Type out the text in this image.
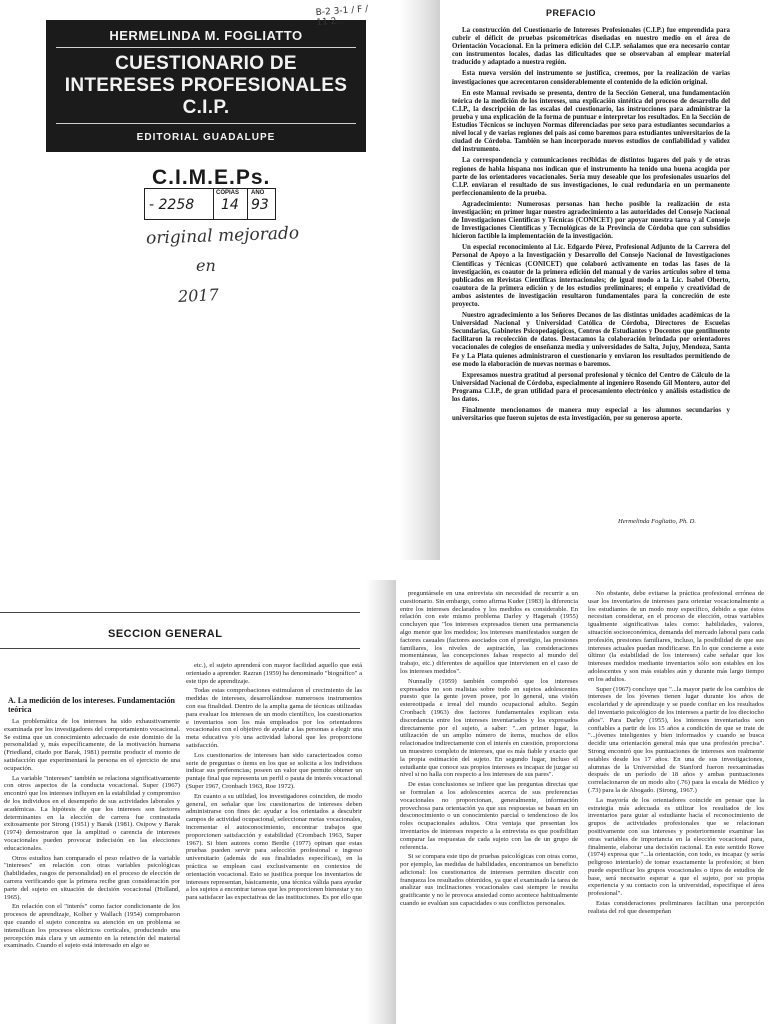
HERMELINDA M. FOGLIATTO
CUESTIONARIO DE
INTERESES PROFESIONALES
C.I.P.
EDITORIAL GUADALUPE
B-2 3-1 / F / 11 2...
C.I.M.E.Ps.
- 2258
COPIAS
14
AÑO
93
original mejorado
en
2017
PREFACIO

La construcción del Cuestionario de Intereses Profesionales (C.I.P.) fue emprendida para cubrir el déficit de pruebas psicométricas diseñadas en nuestro medio en el área de Orientación Vocacional. En la primera edición del C.I.P. señalamos que era necesario contar con instrumentos locales, dadas las dificultades que se observaban al emplear material traducido y adaptado a nuestra región.

Esta nueva versión del instrumento se justifica, creemos, por la realización de varias investigaciones que acrecentaron considerablemente el contenido de la edición original.

En este Manual revisado se presenta, dentro de la Sección General, una fundamentación teórica de la medición de los intereses, una explicación sintética del proceso de desarrollo del C.I.P., la descripción de las escalas del cuestionario, las instrucciones para administrar la prueba y una explicación de la forma de puntuar e interpretar los resultados. En la Sección de Estudios Técnicos se incluyen Normas diferenciadas por sexo para estudiantes secundarios a nivel local y de varias regiones del país así como baremos para estudiantes universitarios de la ciudad de Córdoba. También se han incorporado nuevos estudios de confiabilidad y validez del instrumento.

La correspondencia y comunicaciones recibidas de distintos lugares del país y de otras regiones de habla hispana nos indican que el instrumento ha tenido una buena acogida por parte de los orientadores vocacionales. Sería muy deseable que los profesionales usuarios del C.I.P. enviaran el resultado de sus investigaciones, lo cual redundaría en un permanente perfeccionamiento de la prueba.

Agradecimiento: Numerosas personas han hecho posible la realización de esta investigación; en primer lugar nuestro agradecimiento a las autoridades del Consejo Nacional de Investigaciones Científicas y Técnicas (CONICET) por apoyar nuestra tarea y al Consejo de Investigaciones Científicas y Tecnológicas de la Provincia de Córdoba que con subsidios hicieron factible la implementación de la investigación.

Un especial reconocimiento al Lic. Edgardo Pérez, Profesional Adjunto de la Carrera del Personal de Apoyo a la Investigación y Desarrollo del Consejo Nacional de Investigaciones Científicas y Técnicas (CONICET) que colaboró activamente en todas las fases de la investigación, es coautor de la primera edición del manual y de varios artículos sobre el tema publicados en Revistas Científicas internacionales; de igual modo a la Lic. Isabel Oberto, coautora de la primera edición y de los estudios preliminares; el empeño y creatividad de ambos asistentes de investigación resultaron fundamentales para la concreción de este proyecto.

Nuestro agradecimiento a los Señores Decanos de las distintas unidades académicas de la Universidad Nacional y Universidad Católica de Córdoba, Directores de Escuelas Secundarias, Gabinetes Psicopedagógicos, Centros de Estudiantes y Docentes que gentilmente facilitaron la recolección de datos. Destacamos la colaboración brindada por orientadores vocacionales de colegios de enseñanza media y universidades de Salta, Jujuy, Mendoza, Santa Fe y La Plata quienes administraron el cuestionario y enviaron los resultados permitiendo de ese modo la elaboración de nuevas normas o baremos.

Expresamos nuestra gratitud al personal profesional y técnico del Centro de Cálculo de la Universidad Nacional de Córdoba, especialmente al ingeniero Rosendo Gil Montero, autor del Programa C.I.P., de gran utilidad para el procesamiento electrónico y análisis estadístico de los datos.

Finalmente mencionamos de manera muy especial a los alumnos secundarios y universitarios que fueron sujetos de esta investigación, por su generoso aporte.

Hermelinda Fogliatto, Ph. D.
SECCION GENERAL
A. La medición de los intereses. Fundamentación teórica

La problemática de los intereses ha sido exhaustivamente examinada por los investigadores del comportamiento vocacional. Se estima que un conocimiento adecuado de este dominio de la personalidad y, más específicamente, de la motivación humana (Friedland, citado por Barak, 1981) permite producir el monto de satisfacción que experimentará la persona en el ejercicio de una ocupación.

La variable "intereses" también se relaciona significativamente con otros aspectos de la conducta vocacional. Super (1967) encontró que los intereses influyen en la estabilidad y compromiso de los individuos en el desempeño de sus actividades laborales y académicas. La hipótesis de que los intereses son factores determinantes en la elección de carrera fue contrastada exitosamente por Strong (1951) y Barak (1981). Osipow y Barak (1974) demostraron que la amplitud o carencia de intereses vocacionales pueden provocar indecisión en las elecciones educacionales.

Otros estudios han comparado el peso relativo de la variable "intereses" en relación con otras variables psicológicas (habilidades, rasgos de personalidad) en el proceso de elección de carrera verificando que la primera recibe gran consideración por parte del sujeto en situación de decisión vocacional (Holland, 1965).

En relación con el "interés" como factor condicionante de los procesos de aprendizaje, Kolher y Wallach (1954) comprobaron que cuando el sujeto concentra su atención en un problema se intensifican los procesos eléctricos corticales, produciendo una percepción más clara y un aumento en la retención del material examinado. Cuando el sujeto está interesado en algo se

etc.), el sujeto aprenderá con mayor facilidad aquello que está orientado a aprender. Razran (1959) ha denominado "biográfico" a este tipo de aprendizaje.

Todas estas comprobaciones estimularon el crecimiento de las medidas de intereses, desarrollándose numerosos instrumentos con esa finalidad. Dentro de la amplia gama de técnicas utilizadas para evaluar los intereses de un modo científico, los cuestionarios e inventarios son los más empleados por los orientadores vocacionales con el objetivo de ayudar a las personas a elegir una meta educativa y/o una actividad laboral que les proporcione satisfacción.

Los cuestionarios de intereses han sido caracterizados como serie de preguntas o ítems en los que se solicita a los individuos indicar sus preferencias; poseen un valor que permite obtener un puntaje final que representa un perfil o pauta de interés vocacional (Super 1967, Cronbach 1963, Roe 1972).

En cuanto a su utilidad, los investigadores coinciden, de modo general, en señalar que los cuestionarios de intereses deben administrarse con fines de: ayudar a los orientados a descubrir campos de actividad ocupacional, seleccionar metas vocacionales, incrementar el autoconocimiento, encontrar trabajos que proporcionen satisfacción y estabilidad (Crombach 1963, Super 1967). Si bien autores como Berdie (1977) opinan que estas pruebas pueden servir para selección profesional e ingreso universitario (además de sus finalidades específicas), en la práctica se emplean casi exclusivamente en contextos de orientación vocacional. Esto se justifica porque los inventarios de intereses representan, básicamente, una técnica válida para ayudar a los sujetos a encontrar tareas que les proporcionen bienestar y no para satisfacer las expectativas de las instituciones. Es por ello que

preguntársele en una entrevista sin necesidad de recurrir a un cuestionario. Sin embargo, como afirma Kuder (1983) la diferencia entre los intereses declarados y los medidos es considerable. En relación con este mismo problema Darley y Hagenah (1955) concluyen que "los intereses expresados tienen una permanencia algo menor que los medidos; los intereses manifestados surgen de factores casuales (factores asociados con el prestigio, las presiones familiares, los niveles de aspiración, las consideraciones momentáneas, las concepciones falsas respecto al mundo del trabajo, etc.) diferentes de aquéllos que intervienen en el caso de los intereses medidos".

Nunnally (1959) también comprobó que los intereses expresados no son realistas sobre todo en sujetos adolescentes puesto que la gente joven posee, por lo general, una visión estereotipada e irreal del mundo ocupacional adulto. Según Cronbach (1963) dos factores fundamentales explican esta discordancia entre los intereses inventariados y los expresados directamente por el sujeto, a saber: "...en primer lugar, la utilización de un amplio número de ítems, muchos de ellos relacionados indirectamente con el interés en cuestión, proporciona un muestreo completo de intereses, que es más fiable y exacto que la propia estimación del sujeto. En segundo lugar, incluso el estudiante que conoce sus propios intereses es incapaz de juzgar su nivel si no halla con respecto a los intereses de sus pares".

De estas conclusiones se infiere que las preguntas directas que se formulan a los adolescentes acerca de sus preferencias vocacionales no proporcionan, generalmente, información provechosa para orientación ya que sus respuestas se basan en un desconocimiento o un conocimiento parcial o tendencioso de los roles ocupacionales adultos. Otra ventaja que presentan los inventarios de intereses respecto a la entrevista es que posibilitan comparar las respuestas de cada sujeto con las de un grupo de referencia.

Si se compara este tipo de pruebas psicológicas con otras como, por ejemplo, las medidas de habilidades, encontramos un beneficio adicional: los cuestionarios de intereses permiten discutir con franqueza los resultados obtenidos, ya que el examinado la tarea de analizar sus inclinaciones vocacionales casi siempre le resulta gratificante y no le provoca ansiedad como acontece habitualmente cuando se evalúan sus capacidades o sus conflictos personales.

No obstante, debe evitarse la práctica profesional errónea de usar los inventarios de intereses para orientar vocacionalmente a los estudiantes de un modo muy específico, debido a que éstos necesitan considerar, en el proceso de elección, otras variables igualmente significativas tales como: habilidades, valores, situación socioeconómica, demanda del mercado laboral para cada profesión, presiones familiares, incluso, la posibilidad de que sus intereses actuales puedan modificarse. En lo que concierne a este último (la estabilidad de los intereses) cabe señalar que los intereses medidos mediante inventarios sólo son estables en los adolescentes y son más estables aún y durante más largo tiempo en los adultos.

Super (1967) concluye que "...la mayor parte de los cambios de intereses de los jóvenes tienen lugar durante los años de escolaridad y de aprendizaje y se puede confiar en los resultados del inventario psicológico de los intereses a partir de los dieciocho años". Para Darley (1955), los intereses inventariados son confiables a partir de los 15 años a condición de que se trate de "...jóvenes inteligentes y bien informados y cuando se busca decidir una orientación general más que una profesión precisa". Strong encontró que los puntuaciones de intereses son realmente estables desde los 17 años. En una de sus investigaciones, alumnas de la Universidad de Stanford fueron reexaminadas después de un período de 18 años y ambas puntuaciones correlacionaron de un modo alto (.76) para la escala de Médico y (.73) para la de Abogado. (Strong, 1967.)

La mayoría de los orientadores coincide en pensar que la estrategia más adecuada es utilizar los resultados de los inventarios para guiar al estudiante hacia el reconocimiento de grupos de actividades profesionales que se relacionan positivamente con sus intereses y posteriormente examinar las otras variables de importancia en la elección vocacional para, finalmente, elaborar una decisión racional. En este sentido Rowe (1974) expresa que "...la orientación, con todo, es incapaz (y sería peligroso intentarlo) de tomar exactamente la profesión; si bien puede especificar los grupos vocacionales o tipos de estudios de base, será necesario esperar a que el sujeto, por su propia experiencia y su contacto con la universidad, especifique el área profesional".

Estas consideraciones preliminares facilitan una percepción realista del rol que desempeñan
